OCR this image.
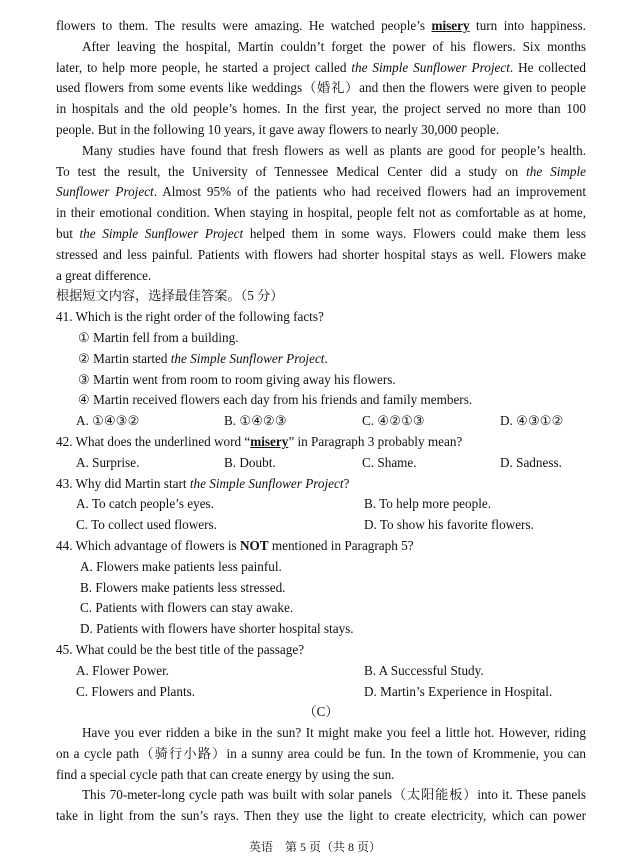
flowers to them. The results were amazing. He watched people’s misery turn into happiness.
After leaving the hospital, Martin couldn’t forget the power of his flowers. Six months
later, to help more people, he started a project called the Simple Sunflower Project. He collected
used flowers from some events like weddings（婚礼）and then the flowers were given to people
in hospitals and the old people’s homes. In the first year, the project served no more than 100
people. But in the following 10 years, it gave away flowers to nearly 30,000 people.
Many studies have found that fresh flowers as well as plants are good for people’s health.
To test the result, the University of Tennessee Medical Center did a study on the Simple
Sunflower Project. Almost 95% of the patients who had received flowers had an improvement
in their emotional condition. When staying in hospital, people felt not as comfortable as at home,
but the Simple Sunflower Project helped them in some ways. Flowers could make them less
stressed and less painful. Patients with flowers had shorter hospital stays as well. Flowers make
a great difference.
根据短文内容，选择最佳答案。（5 分）
41. Which is the right order of the following facts?
① Martin fell from a building.
② Martin started the Simple Sunflower Project.
③ Martin went from room to room giving away his flowers.
④ Martin received flowers each day from his friends and family members.
A. ①④③②	B. ①④②③	C. ④②①③	D. ④③①②
42. What does the underlined word “misery” in Paragraph 3 probably mean?
A. Surprise.	B. Doubt.	C. Shame.	D. Sadness.
43. Why did Martin start the Simple Sunflower Project?
A. To catch people’s eyes.	B. To help more people.
C. To collect used flowers.	D. To show his favorite flowers.
44. Which advantage of flowers is NOT mentioned in Paragraph 5?
A. Flowers make patients less painful.
B. Flowers make patients less stressed.
C. Patients with flowers can stay awake.
D. Patients with flowers have shorter hospital stays.
45. What could be the best title of the passage?
A. Flower Power.	B. A Successful Study.
C. Flowers and Plants.	D. Martin’s Experience in Hospital.
（C）
Have you ever ridden a bike in the sun? It might make you feel a little hot. However, riding
on a cycle path（骑行小路）in a sunny area could be fun. In the town of Krommenie, you can
find a special cycle path that can create energy by using the sun.
This 70-meter-long cycle path was built with solar panels（太阳能板）into it. These panels
take in light from the sun’s rays. Then they use the light to create electricity, which can power
英语　第 5 页（共 8 页）
